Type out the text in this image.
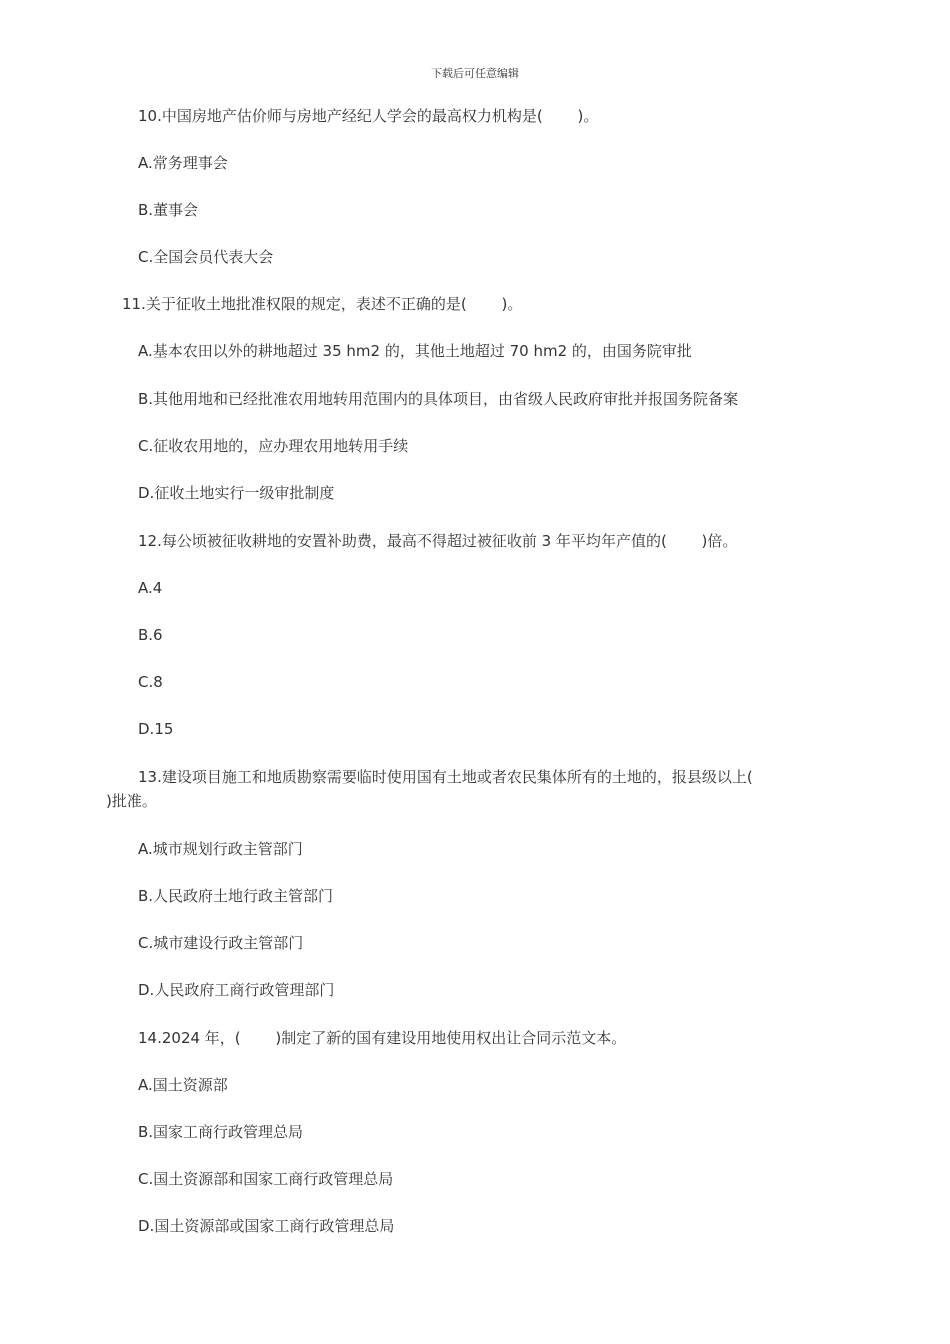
下载后可任意编辑
10.中国房地产估价师与房地产经纪人学会的最高权力机构是(　　 )。
A.常务理事会
B.董事会
C.全国会员代表大会
11.关于征收土地批准权限的规定，表述不正确的是(　　 )。
A.基本农田以外的耕地超过 35 hm2 的，其他土地超过 70 hm2 的，由国务院审批
B.其他用地和已经批准农用地转用范围内的具体项目，由省级人民政府审批并报国务院备案
C.征收农用地的，应办理农用地转用手续
D.征收土地实行一级审批制度
12.每公顷被征收耕地的安置补助费，最高不得超过被征收前 3 年平均年产值的(　　 )倍。
A.4
B.6
C.8
D.15
13.建设项目施工和地质勘察需要临时使用国有土地或者农民集体所有的土地的，报县级以上(
)批准。
A.城市规划行政主管部门
B.人民政府土地行政主管部门
C.城市建设行政主管部门
D.人民政府工商行政管理部门
14.2024 年，(　　 )制定了新的国有建设用地使用权出让合同示范文本。
A.国土资源部
B.国家工商行政管理总局
C.国土资源部和国家工商行政管理总局
D.国土资源部或国家工商行政管理总局
